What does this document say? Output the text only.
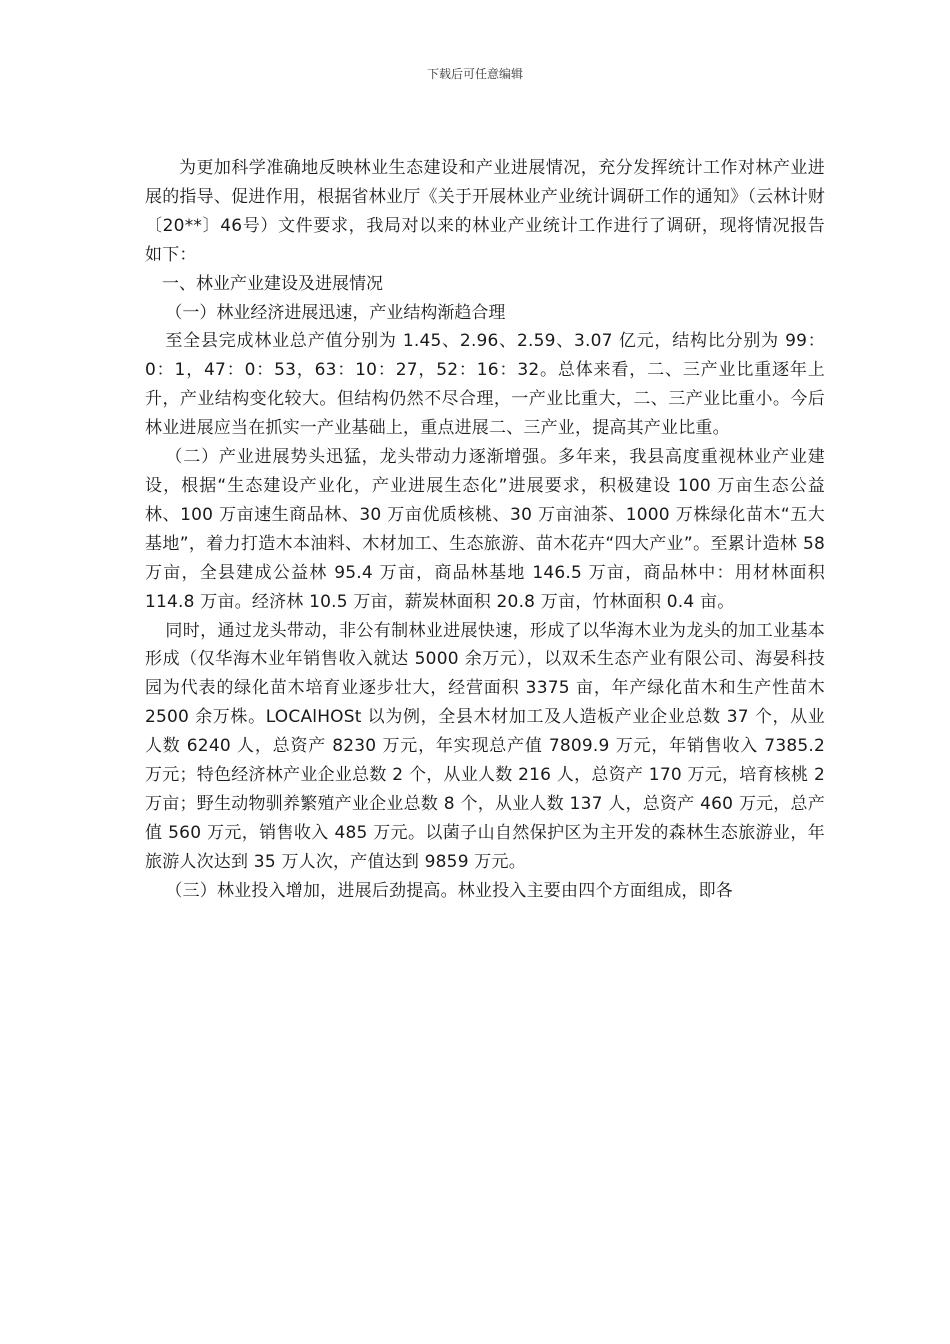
下载后可任意编辑

为更加科学准确地反映林业生态建设和产业进展情况，充分发挥统计工作对林产业进展的指导、促进作用，根据省林业厅《关于开展林业产业统计调研工作的通知》（云林计财〔20**〕46号）文件要求，我局对以来的林业产业统计工作进行了调研，现将情况报告如下：

一、林业产业建设及进展情况

（一）林业经济进展迅速，产业结构渐趋合理

至全县完成林业总产值分别为 1.45、2.96、2.59、3.07 亿元，结构比分别为 99：0：1，47：0：53，63：10：27，52：16：32。总体来看，二、三产业比重逐年上升，产业结构变化较大。但结构仍然不尽合理，一产业比重大，二、三产业比重小。今后林业进展应当在抓实一产业基础上，重点进展二、三产业，提高其产业比重。

（二）产业进展势头迅猛，龙头带动力逐渐增强。多年来，我县高度重视林业产业建设，根据“生态建设产业化，产业进展生态化”进展要求，积极建设 100 万亩生态公益林、100 万亩速生商品林、30 万亩优质核桃、30 万亩油茶、1000 万株绿化苗木“五大基地”，着力打造木本油料、木材加工、生态旅游、苗木花卉“四大产业”。至累计造林 58 万亩，全县建成公益林 95.4 万亩，商品林基地 146.5 万亩，商品林中：用材林面积 114.8 万亩。经济林 10.5 万亩，薪炭林面积 20.8 万亩，竹林面积 0.4 亩。

同时，通过龙头带动，非公有制林业进展快速，形成了以华海木业为龙头的加工业基本形成（仅华海木业年销售收入就达 5000 余万元），以双禾生态产业有限公司、海晏科技园为代表的绿化苗木培育业逐步壮大，经营面积 3375 亩，年产绿化苗木和生产性苗木 2500 余万株。LOCAlHOSt 以为例，全县木材加工及人造板产业企业总数 37 个，从业人数 6240 人，总资产 8230 万元，年实现总产值 7809.9 万元，年销售收入 7385.2 万元；特色经济林产业企业总数 2 个，从业人数 216 人，总资产 170 万元，培育核桃 2 万亩；野生动物驯养繁殖产业企业总数 8 个，从业人数 137 人，总资产 460 万元，总产值 560 万元，销售收入 485 万元。以菌子山自然保护区为主开发的森林生态旅游业，年旅游人次达到 35 万人次，产值达到 9859 万元。

（三）林业投入增加，进展后劲提高。林业投入主要由四个方面组成，即各
